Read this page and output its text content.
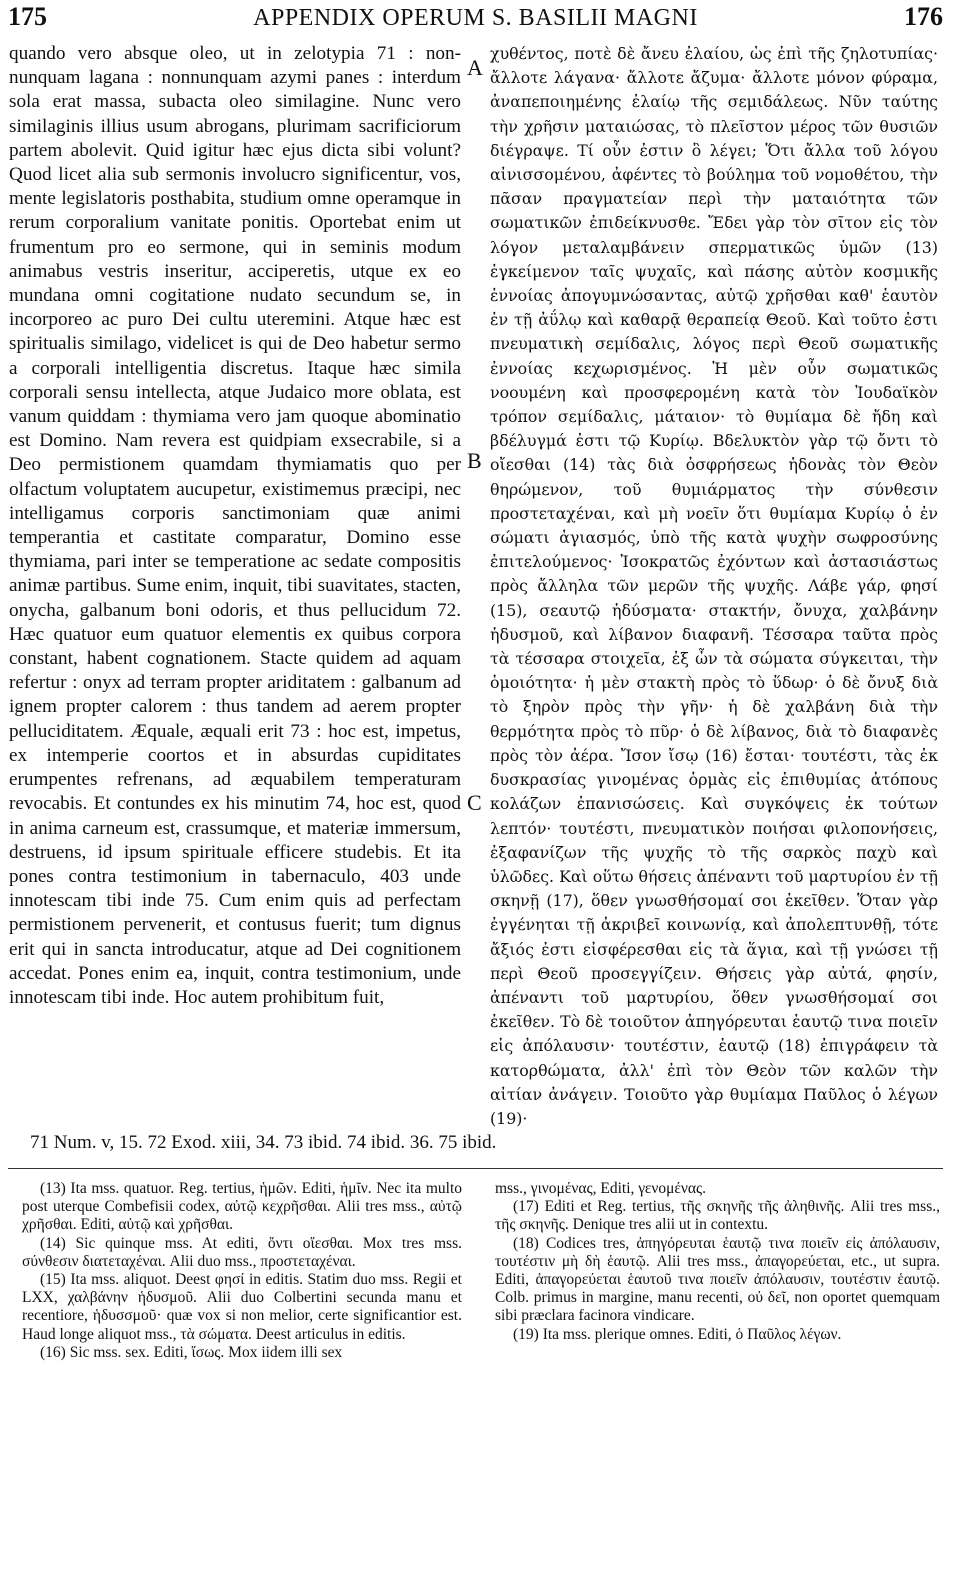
175	APPENDIX OPERUM S. BASILII MAGNI	176

quando vero absque oleo, ut in zelotypia 71 : non-nunquam lagana : nonnunquam azymi panes : interdum sola erat massa, subacta oleo similagine. Nunc vero similaginis illius usum abrogans, plurimam sacrificiorum partem abolevit. Quid igitur hæc ejus dicta sibi volunt? Quod licet alia sub sermonis involucro significentur, vos, mente legislatoris posthabita, studium omne operamque in rerum corporalium vanitate ponitis. Oportebat enim ut frumentum pro eo sermone, qui in seminis modum animabus vestris inseritur, acciperetis, utque ex eo mundana omni cogitatione nudato secundum se, in incorporeo ac puro Dei cultu uteremini. Atque hæc est spiritualis similago, videlicet is qui de Deo habetur sermo a corporali intelligentia discretus. Itaque hæc simila corporali sensu intellecta, atque Judaico more oblata, est vanum quiddam : thymiama vero jam quoque abominatio est Domino. Nam revera est quidpiam exsecrabile, si a Deo permistionem quamdam thymiamatis quo per olfactum voluptatem aucupetur, existimemus præcipi, nec intelligamus corporis sanctimoniam quæ animi temperantia et castitate comparatur, Domino esse thymiama, pari inter se temperatione ac sedate compositis animæ partibus. Sume enim, inquit, tibi suavitates, stacten, onycha, galbanum boni odoris, et thus pellucidum 72. Hæc quatuor eum quatuor elementis ex quibus corpora constant, habent cognationem. Stacte quidem ad aquam refertur : onyx ad terram propter ariditatem : galbanum ad ignem propter calorem : thus tandem ad aerem propter pelluciditatem. Æquale, æquali erit 73 : hoc est, impetus, ex intemperie coortos et in absurdas cupiditates erumpentes refrenans, ad æquabilem temperaturam revocabis. Et contundes ex his minutim 74, hoc est, quod in anima carneum est, crassumque, et materiæ immersum, destruens, id ipsum spirituale efficere studebis. Et ita pones contra testimonium in tabernaculo, 403 unde innotescam tibi inde 75. Cum enim quis ad perfectam permistionem pervenerit, et contusus fuerit; tum dignus erit qui in sancta introducatur, atque ad Dei cognitionem accedat. Pones enim ea, inquit, contra testimonium, unde innotescam tibi inde. Hoc autem prohibitum fuit,

A
B
C

χυθέντος, ποτὲ δὲ ἄνευ ἐλαίου, ὡς ἐπὶ τῆς ζηλοτυπίας· ἄλλοτε λάγανα· ἄλλοτε ἄζυμα· ἄλλοτε μόνον φύραμα, ἀναπεποιημένης ἐλαίῳ τῆς σεμιδάλεως. Νῦν ταύτης τὴν χρῆσιν ματαιώσας, τὸ πλεῖστον μέρος τῶν θυσιῶν διέγραψε. Τί οὖν ἐστιν ὃ λέγει; Ὅτι ἄλλα τοῦ λόγου αἰνισσομένου, ἀφέντες τὸ βούλημα τοῦ νομοθέτου, τὴν πᾶσαν πραγματείαν περὶ τὴν ματαιότητα τῶν σωματικῶν ἐπιδείκνυσθε. Ἔδει γὰρ τὸν σῖτον εἰς τὸν λόγον μεταλαμβάνειν σπερματικῶς ὑμῶν (13) ἐγκείμενον ταῖς ψυχαῖς, καὶ πάσης αὐτὸν κοσμικῆς ἐννοίας ἀπογυμνώσαντας, αὐτῷ χρῆσθαι καθ' ἑαυτὸν ἐν τῇ ἀΰλῳ καὶ καθαρᾷ θεραπείᾳ Θεοῦ. Καὶ τοῦτο ἐστι πνευματικὴ σεμίδαλις, λόγος περὶ Θεοῦ σωματικῆς ἐννοίας κεχωρισμένος. Ἡ μὲν οὖν σωματικῶς νοουμένη καὶ προσφερομένη κατὰ τὸν Ἰουδαϊκὸν τρόπον σεμίδαλις, μάταιον· τὸ θυμίαμα δὲ ἤδη καὶ βδέλυγμά ἐστι τῷ Κυρίῳ. Βδελυκτὸν γὰρ τῷ ὄντι τὸ οἴεσθαι (14) τὰς διὰ ὀσφρήσεως ἡδονὰς τὸν Θεὸν θηρώμενον, τοῦ θυμιάρματος τὴν σύνθεσιν προστεταχέναι, καὶ μὴ νοεῖν ὅτι θυμίαμα Κυρίῳ ὁ ἐν σώματι ἁγιασμός, ὑπὸ τῆς κατὰ ψυχὴν σωφροσύνης ἐπιτελούμενος· Ἰσοκρατῶς ἐχόντων καὶ ἀστασιάστως πρὸς ἄλληλα τῶν μερῶν τῆς ψυχῆς. Λάβε γάρ, φησί (15), σεαυτῷ ἡδύσματα· στακτήν, ὄνυχα, χαλβάνην ἡδυσμοῦ, καὶ λίβανον διαφανῆ. Τέσσαρα ταῦτα πρὸς τὰ τέσσαρα στοιχεῖα, ἐξ ὧν τὰ σώματα σύγκειται, τὴν ὁμοιότητα· ἡ μὲν στακτὴ πρὸς τὸ ὕδωρ· ὁ δὲ ὄνυξ διὰ τὸ ξηρὸν πρὸς τὴν γῆν· ἡ δὲ χαλβάνη διὰ τὴν θερμότητα πρὸς τὸ πῦρ· ὁ δὲ λίβανος, διὰ τὸ διαφανὲς πρὸς τὸν ἀέρα. Ἴσον ἴσῳ (16) ἔσται· τουτέστι, τὰς ἐκ δυσκρασίας γινομένας ὁρμὰς εἰς ἐπιθυμίας ἀτόπους κολάζων ἐπανισώσεις. Καὶ συγκόψεις ἐκ τούτων λεπτόν· τουτέστι, πνευματικὸν ποιήσαι φιλοπονήσεις, ἐξαφανίζων τῆς ψυχῆς τὸ τῆς σαρκὸς παχὺ καὶ ὑλῶδες. Καὶ οὕτω θήσεις ἀπέναντι τοῦ μαρτυρίου ἐν τῇ σκηνῇ (17), ὅθεν γνωσθήσομαί σοι ἐκεῖθεν. Ὅταν γὰρ ἐγγένηται τῇ ἀκριβεῖ κοινωνίᾳ, καὶ ἀπολεπτυνθῇ, τότε ἄξιός ἐστι εἰσφέρεσθαι εἰς τὰ ἅγια, καὶ τῇ γνώσει τῇ περὶ Θεοῦ προσεγγίζειν. Θήσεις γὰρ αὐτά, φησίν, ἀπέναντι τοῦ μαρτυρίου, ὅθεν γνωσθήσομαί σοι ἐκεῖθεν. Τὸ δὲ τοιοῦτον ἀπηγόρευται ἑαυτῷ τινα ποιεῖν εἰς ἀπόλαυσιν· τουτέστιν, ἑαυτῷ (18) ἐπιγράφειν τὰ κατορθώματα, ἀλλ' ἐπὶ τὸν Θεὸν τῶν καλῶν τὴν αἰτίαν ἀνάγειν. Τοιοῦτο γὰρ θυμίαμα Παῦλος ὁ λέγων (19)·

71 Num. v, 15. 72 Exod. xiii, 34. 73 ibid. 74 ibid. 36. 75 ibid.

(13) Ita mss. quatuor. Reg. tertius, ἡμῶν. Editi, ἡμῖν. Nec ita multo post uterque Combefisii codex, αὐτῷ κεχρῆσθαι. Alii tres mss., αὐτῷ χρῆσθαι. Editi, αὐτῷ καὶ χρῆσθαι.

(14) Sic quinque mss. At editi, ὄντι οἴεσθαι. Mox tres mss. σύνθεσιν διατεταχέναι. Alii duo mss., προστεταχέναι.

(15) Ita mss. aliquot. Deest φησί in editis. Statim duo mss. Regii et LXX, χαλβάνην ἡδυσμοῦ. Alii duo Colbertini secunda manu et recentiore, ἡδυσσμοῦ· quæ vox si non melior, certe significantior est. Haud longe aliquot mss., τὰ σώματα. Deest articulus in editis.

(16) Sic mss. sex. Editi, ἴσως. Mox iidem illi sex

mss., γινομένας, Editi, γενομένας.

(17) Editi et Reg. tertius, τῆς σκηνῆς τῆς ἀληθινῆς. Alii tres mss., τῆς σκηνῆς. Denique tres alii ut in contextu.

(18) Codices tres, ἀπηγόρευται ἑαυτῷ τινα ποιεῖν εἰς ἀπόλαυσιν, τουτέστιν μὴ δὴ ἑαυτῷ. Alii tres mss., ἀπαγορεύεται, etc., ut supra. Editi, ἀπαγορεύεται ἑαυτοῦ τινα ποιεῖν ἀπόλαυσιν, τουτέστιν ἑαυτῷ. Colb. primus in margine, manu recenti, οὐ δεῖ, non oportet quemquam sibi præclara facinora vindicare.

(19) Ita mss. plerique omnes. Editi, ὁ Παῦλος λέγων.
